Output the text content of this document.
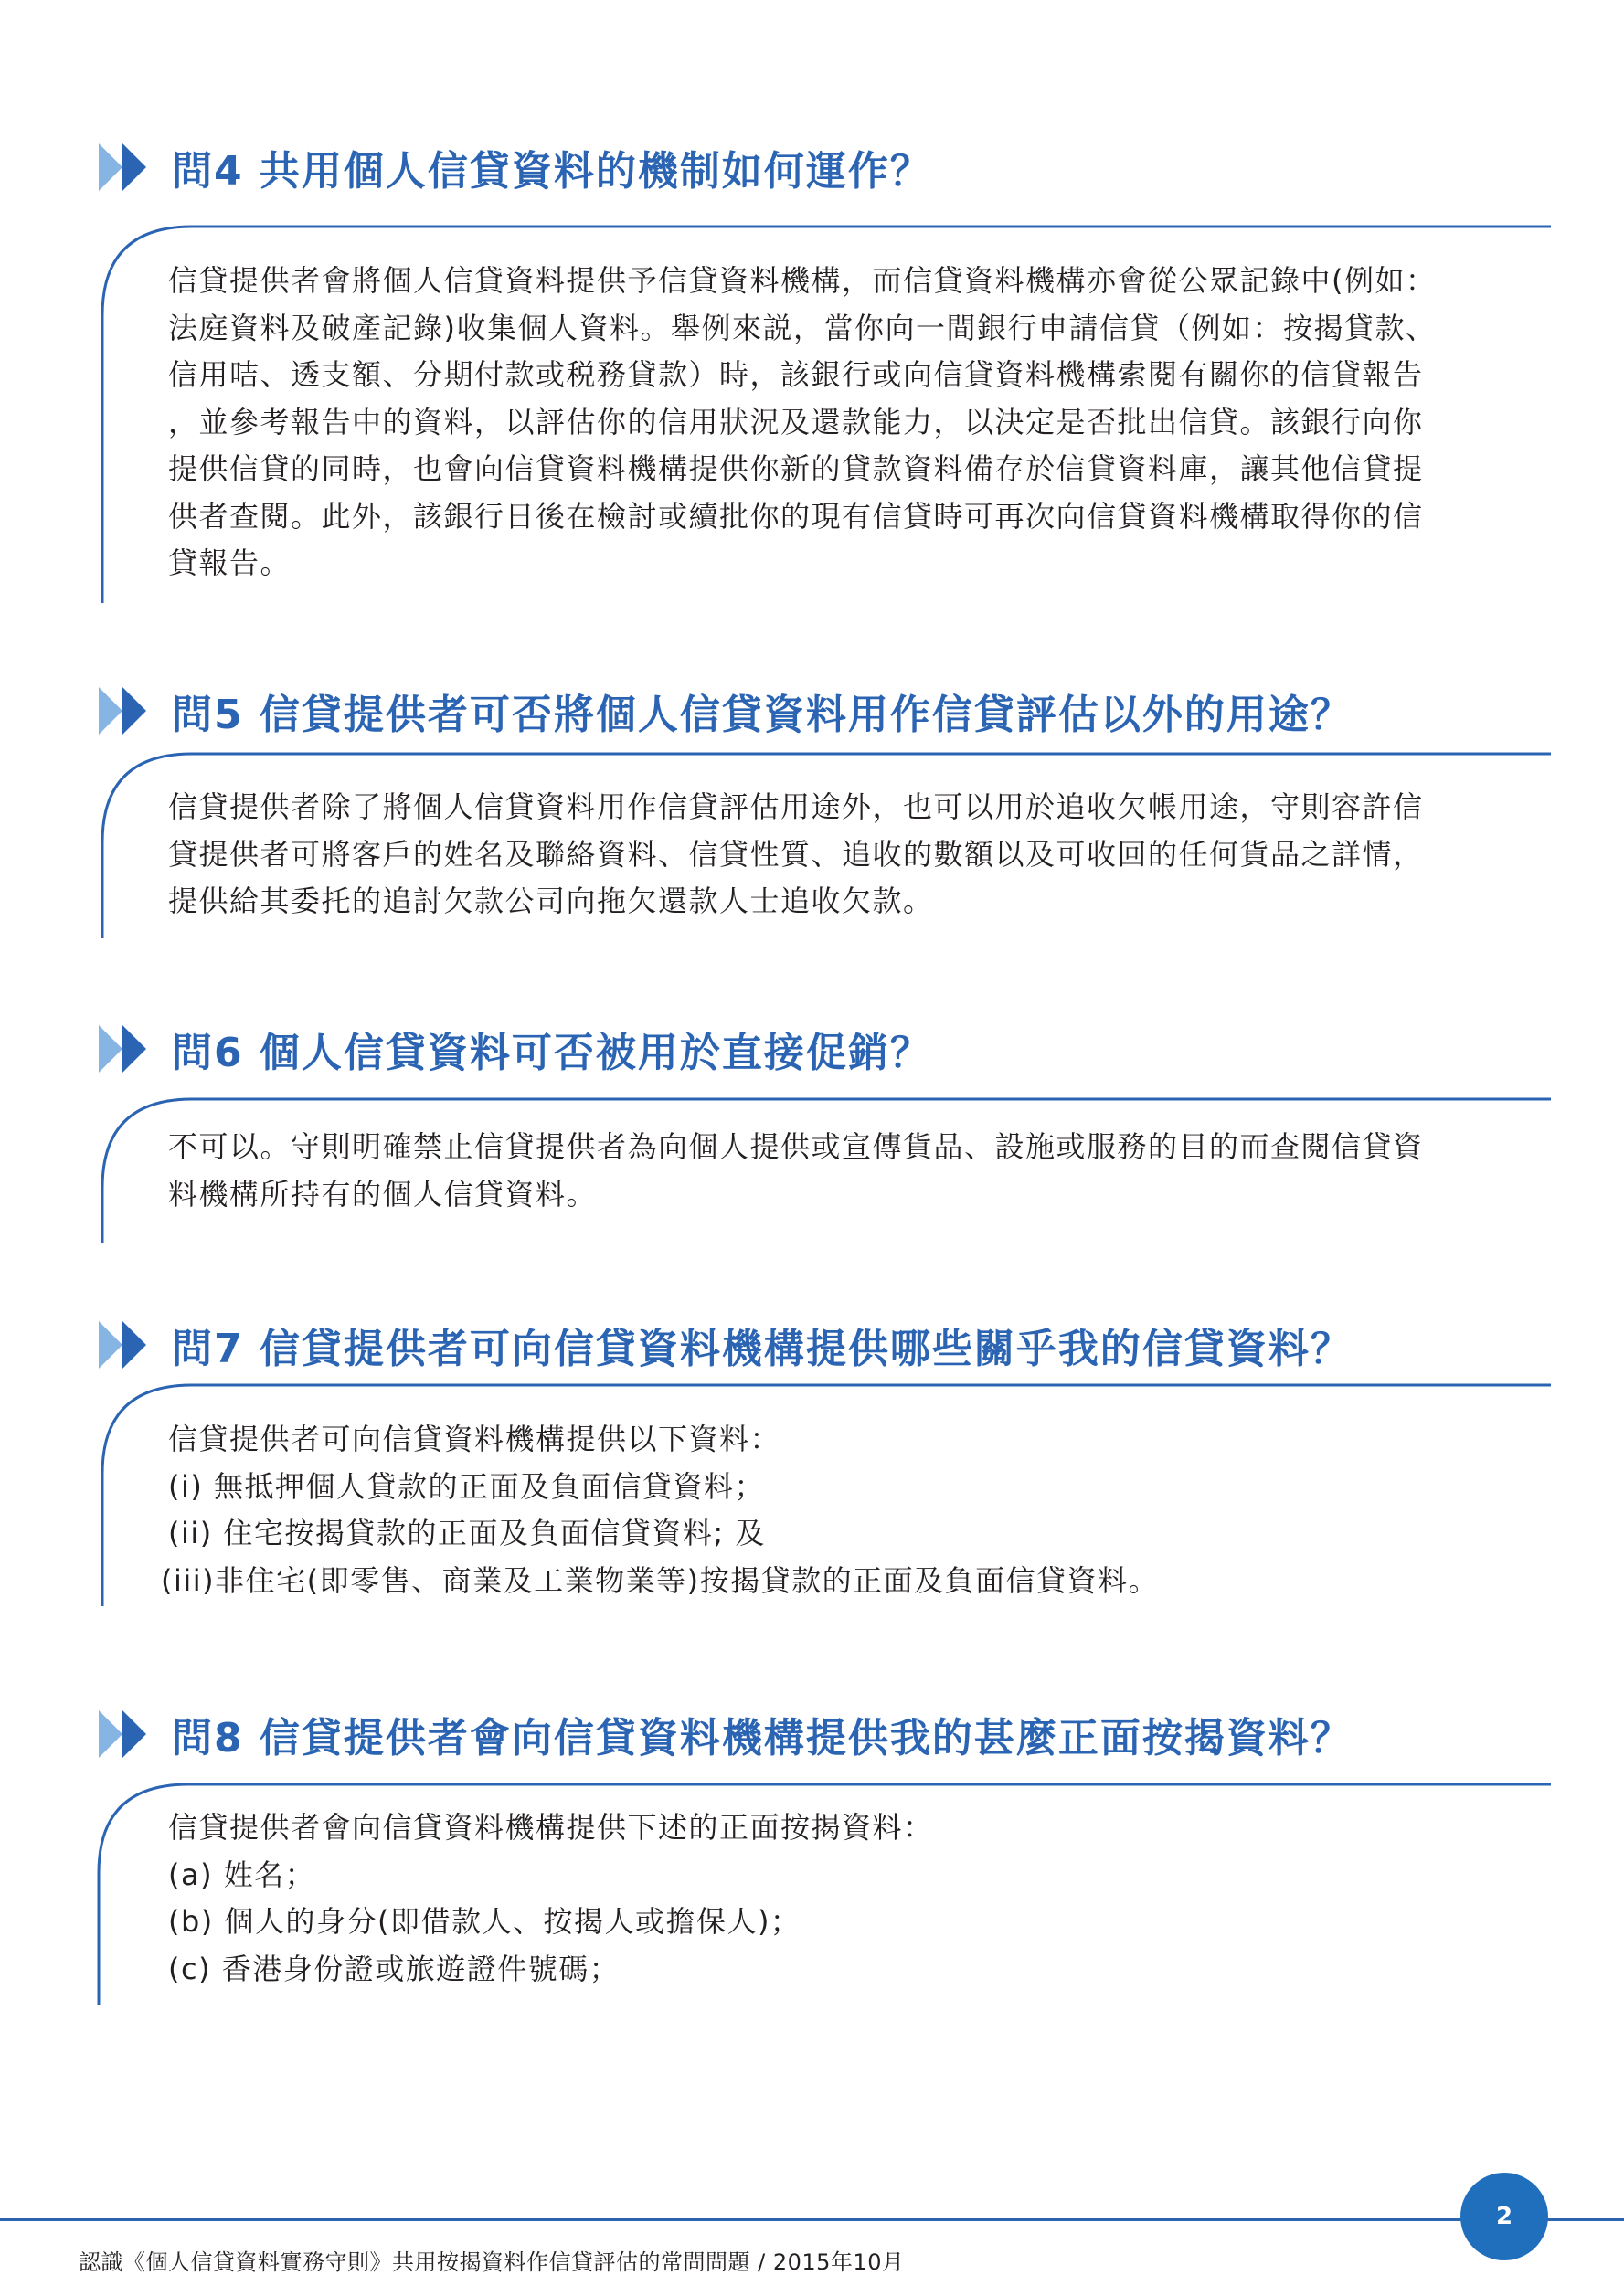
問4 共用個人信貸資料的機制如何運作？

信貸提供者會將個人信貸資料提供予信貸資料機構，而信貸資料機構亦會從公眾記錄中(例如：

法庭資料及破產記錄)收集個人資料。舉例來説，當你向一間銀行申請信貸（例如：按揭貸款、

信用咭、透支額、分期付款或税務貸款）時，該銀行或向信貸資料機構索閱有關你的信貸報告

，並參考報告中的資料，以評估你的信用狀況及還款能力，以決定是否批出信貸。該銀行向你

提供信貸的同時，也會向信貸資料機構提供你新的貸款資料備存於信貸資料庫，讓其他信貸提

供者查閱。此外，該銀行日後在檢討或續批你的現有信貸時可再次向信貸資料機構取得你的信

貸報告。

問5 信貸提供者可否將個人信貸資料用作信貸評估以外的用途？

信貸提供者除了將個人信貸資料用作信貸評估用途外，也可以用於追收欠帳用途，守則容許信

貸提供者可將客戶的姓名及聯絡資料、信貸性質、追收的數額以及可收回的任何貨品之詳情，

提供給其委托的追討欠款公司向拖欠還款人士追收欠款。

問6 個人信貸資料可否被用於直接促銷？

不可以。守則明確禁止信貸提供者為向個人提供或宣傳貨品、設施或服務的目的而查閱信貸資

料機構所持有的個人信貸資料。

問7 信貸提供者可向信貸資料機構提供哪些關乎我的信貸資料？

信貸提供者可向信貸資料機構提供以下資料：

(i) 無抵押個人貸款的正面及負面信貸資料；

(ii) 住宅按揭貸款的正面及負面信貸資料; 及

(iii)非住宅(即零售、商業及工業物業等)按揭貸款的正面及負面信貸資料。

問8 信貸提供者會向信貸資料機構提供我的甚麼正面按揭資料？

信貸提供者會向信貸資料機構提供下述的正面按揭資料：

(a) 姓名；

(b) 個人的身分(即借款人、按揭人或擔保人)；

(c) 香港身份證或旅遊證件號碼；

2
認識《個人信貸資料實務守則》共用按揭資料作信貸評估的常問問題 / 2015年10月
